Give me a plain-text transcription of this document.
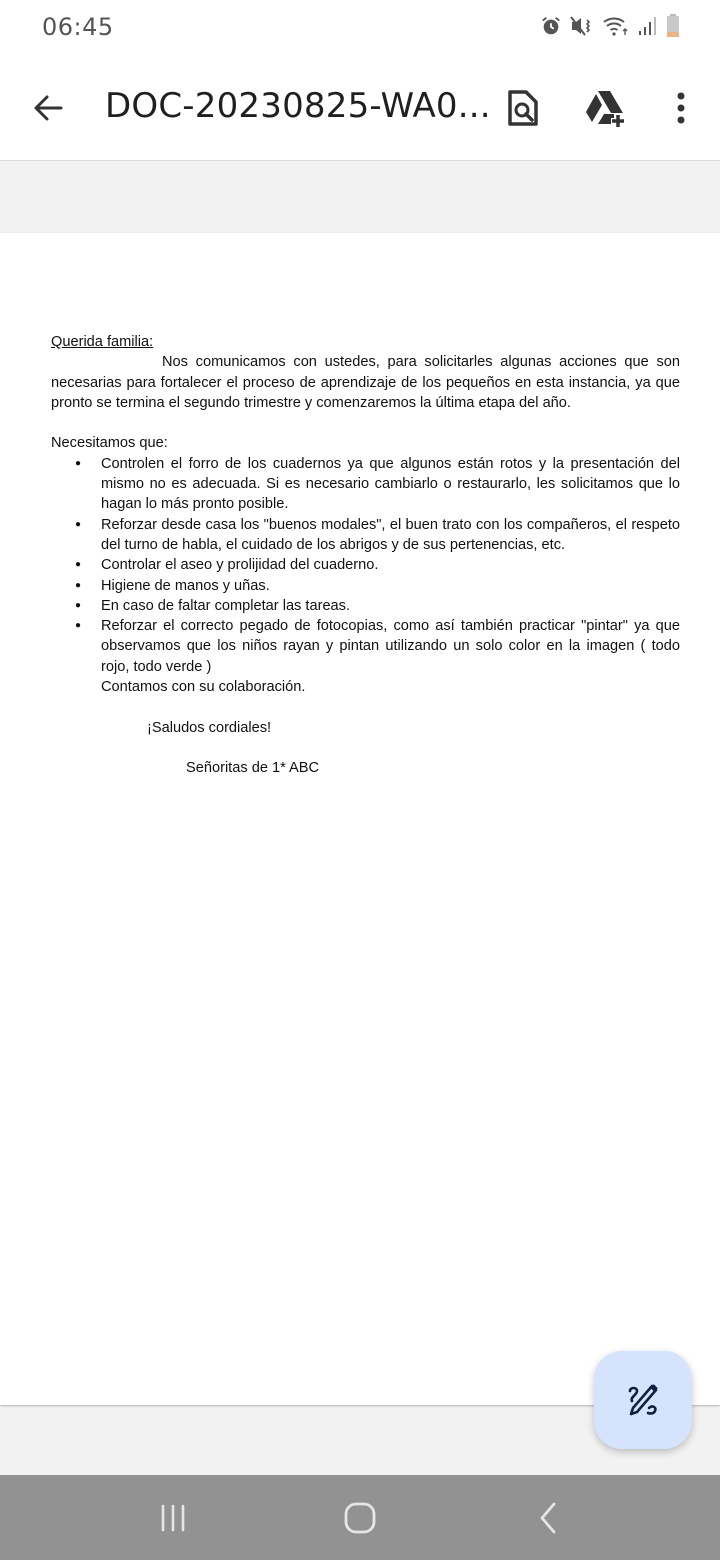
06:45
DOC-20230825-WA0...

Querida familia:

Nos comunicamos con ustedes, para solicitarles algunas acciones que son necesarias para fortalecer el proceso de aprendizaje de los pequeños en esta instancia, ya que pronto se termina el segundo trimestre y comenzaremos la última etapa del año.

Necesitamos que:

● Controlen el forro de los cuadernos ya que algunos están rotos y la presentación del mismo no es adecuada. Si es necesario cambiarlo o restaurarlo, les solicitamos que lo hagan lo más pronto posible.
● Reforzar desde casa los "buenos modales", el buen trato con los compañeros, el respeto del turno de habla, el cuidado de los abrigos y de sus pertenencias, etc.
● Controlar el aseo y prolijidad del cuaderno.
● Higiene de manos y uñas.
● En caso de faltar completar las tareas.
● Reforzar el correcto pegado de fotocopias, como así también practicar "pintar" ya que observamos que los niños rayan y pintan utilizando un solo color en la imagen ( todo rojo, todo verde )

Contamos con su colaboración.

¡Saludos cordiales!

Señoritas de 1* ABC
